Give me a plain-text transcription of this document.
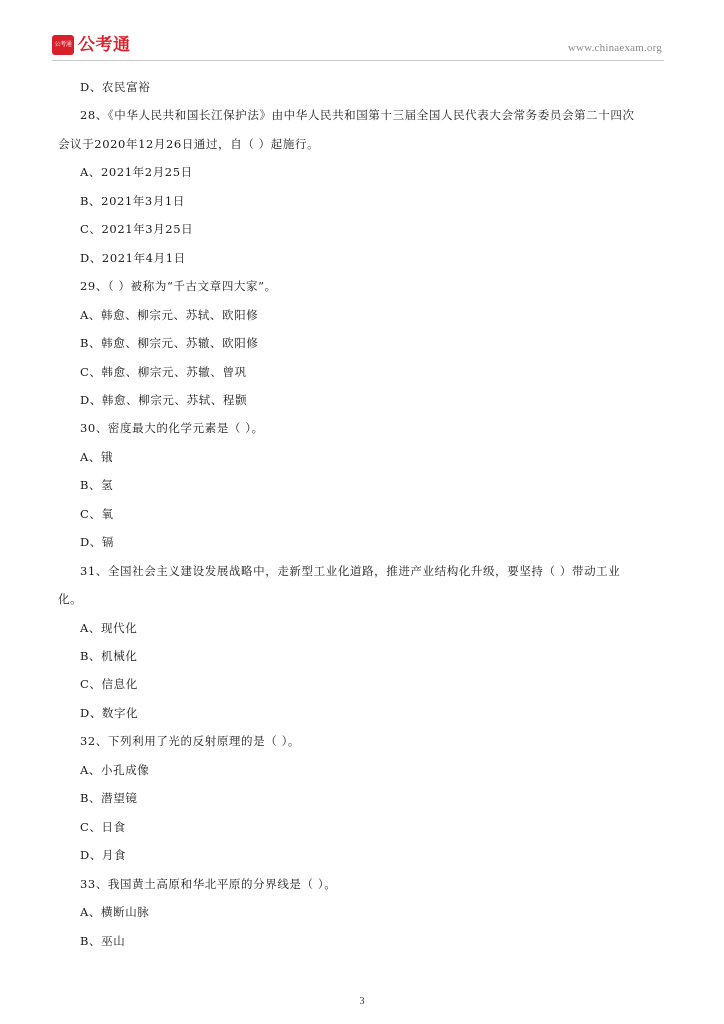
公考通 公考通	www.chinaexam.org
D、农民富裕
28、《中华人民共和国长江保护法》由中华人民共和国第十三届全国人民代表大会常务委员会第二十四次
会议于2020年12月26日通过，自（ ）起施行。
A、2021年2月25日
B、2021年3月1日
C、2021年3月25日
D、2021年4月1日
29、（ ）被称为“千古文章四大家”。
A、韩愈、柳宗元、苏轼、欧阳修
B、韩愈、柳宗元、苏辙、欧阳修
C、韩愈、柳宗元、苏辙、曾巩
D、韩愈、柳宗元、苏轼、程颢
30、密度最大的化学元素是（ ）。
A、锇
B、氢
C、氧
D、镉
31、全国社会主义建设发展战略中，走新型工业化道路，推进产业结构化升级，要坚持（ ）带动工业
化。
A、现代化
B、机械化
C、信息化
D、数字化
32、下列利用了光的反射原理的是（ ）。
A、小孔成像
B、潜望镜
C、日食
D、月食
33、我国黄土高原和华北平原的分界线是（ ）。
A、横断山脉
B、巫山
3
